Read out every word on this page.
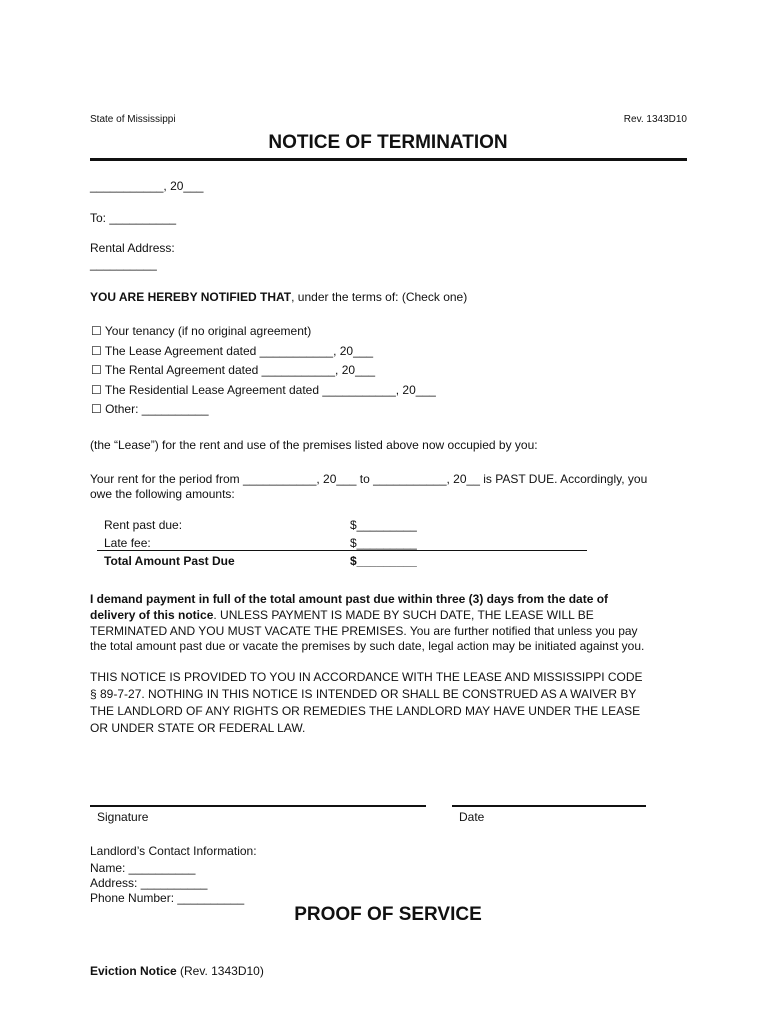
State of Mississippi	Rev. 1343D10
NOTICE OF TERMINATION
___________, 20___
To: __________
Rental Address:
__________
YOU ARE HEREBY NOTIFIED THAT, under the terms of: (Check one)
☐ Your tenancy (if no original agreement)
☐ The Lease Agreement dated ___________, 20___
☐ The Rental Agreement dated ___________, 20___
☐ The Residential Lease Agreement dated ___________, 20___
☐ Other: __________
(the “Lease”) for the rent and use of the premises listed above now occupied by you:
Your rent for the period from ___________, 20___ to ___________, 20__ is PAST DUE. Accordingly, you
owe the following amounts:
Rent past due:	$_________
Late fee:	$_________
Total Amount Past Due	$_________
I demand payment in full of the total amount past due within three (3) days from the date of
delivery of this notice. UNLESS PAYMENT IS MADE BY SUCH DATE, THE LEASE WILL BE
TERMINATED AND YOU MUST VACATE THE PREMISES. You are further notified that unless you pay
the total amount past due or vacate the premises by such date, legal action may be initiated against you.
THIS NOTICE IS PROVIDED TO YOU IN ACCORDANCE WITH THE LEASE AND MISSISSIPPI CODE
§ 89-7-27. NOTHING IN THIS NOTICE IS INTENDED OR SHALL BE CONSTRUED AS A WAIVER BY
THE LANDLORD OF ANY RIGHTS OR REMEDIES THE LANDLORD MAY HAVE UNDER THE LEASE
OR UNDER STATE OR FEDERAL LAW.
Signature	Date
Landlord’s Contact Information:
Name: __________
Address: __________
Phone Number: __________
PROOF OF SERVICE
Eviction Notice (Rev. 1343D10)
